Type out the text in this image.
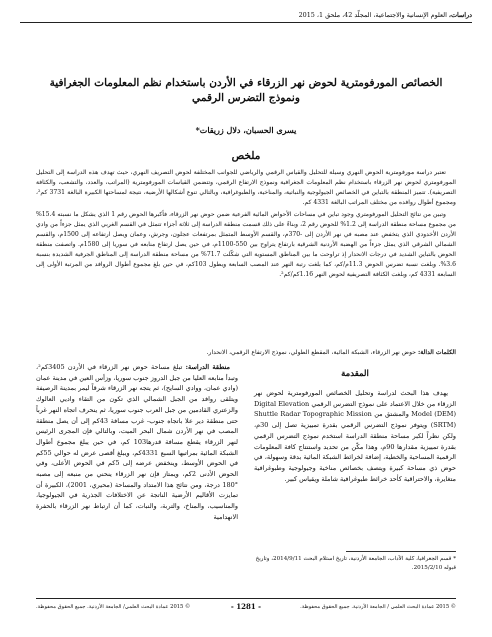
دراسات، العلوم الإنسانية والاجتماعية، المجلّد 42، ملحق 1، 2015
الخصائص المورفومترية لحوض نهر الزرقاء في الأردن باستخدام نظم المعلومات الجغرافية
ونموذج التضرس الرقمي
يسرى الحسبان، دلال زريقات*
ملخص

تعتبر دراسة مورفومترية الحوض النهري وسيلة للتحليل والقياس الرقمي والرياضي للجوانب المختلفة لحوض التصريف النهري، حيث تهدف هذه الدراسة إلى التحليل المورفومتري لحوض نهر الزرقاء باستخدام نظم المعلومات الجغرافية ونموذج الارتفاع الرقمي، وتتضمن القياسات المورفومترية (المراتب، والعدد، والتشعب، والكثافة التصريفية). تتميز المنطقة بالتباين في الخصائص الجيولوجية والنباتية، والمناخية، والطبوغرافية، وبالتالي تنوع أشكالها الأرضية، نتيجة لمساحتها الكبيرة البالغة 3731 كم²، ومجموع أطوال روافده من مختلف المراتب البالغة 4331 كم.

وتبين من نتائج التحليل المورفومتري وجود تباين في مساحات الأحواض المائية الفرعية ضمن حوض نهر الزرقاء، فأكبرها الحوض رقم 1 الذي يشكل ما نسبته 15.4% من مجموع مساحة منطقة الدراسة إلى 1.2% للحوض رقم 2، وبناءً على ذلك قسمت منطقة الدراسة إلى ثلاثة أجزاء تتمثل في القسم الغربي الذي يمثل جزءاً من وادي الأردن الأخدودي الذي يتخفض عند مصبه في نهر الأردن إلى -370م، والقسم الأوسط المتمثل بمرتفعات عجلون، وجرش، وعمان ويصل ارتفاعه إلى 1500م، والقسم الشمالي الشرقي الذي يمثل جزءاً من الهضبة الأردنية الشرقية بارتفاع يتراوح بين 550-1100م، في حين يصل ارتفاع منابعه في سوريا إلى 1580م. واتصفت منطقة الحوض بالتباين الشديد في درجات الانحدار إذ تراوحت ما بين المناطق المستوية التي شكّلت 71.7% من مساحة منطقة الدراسة إلى المناطق الجرفية الشديدة بنسبة 3.6%. وبلغت نسبة تضرس الحوض 11.3م/كم، كما بلغت رتبة النهر عند المصب السابعة ويطول 103كم، في حين بلغ مجموع أطوال الروافد من المرتبة الأولى إلى السابعة 4331 كم، وبلغت الكثافة التصريفية لحوض النهر 1.16كم/كم².

الكلمات الدالة: حوض نهر الزرقاء، الشبكة المائية، المقطع الطولي، نموذج الارتفاع الرقمي، الانحدار.
المقدمة

يهدف هذا البحث لدراسة وتحليل الخصائص المورفومترية لحوض نهر الزرقاء من خلال الاعتماد على نموذج التضرس الرقمي Digital Elevation Model (DEM) والمشتق من Shuttle Radar Topographic Mission (SRTM) ويتوفر نموذج التضرس الرقمي بقدرة تمييزية تصل إلى 30م، ولكن نظراً لكبر مساحة منطقة الدراسة استخدم نموذج التضرس الرقمي بقدرة تمييزية مقدارها 90م، وهذا مكّن من تحديد واستنتاج كافة المعلومات الرقمية المساحية والخطية، إضافة لخرائط الشبكة المائية بدقة وسهولة، في حوض ذي مساحة كبيرة ويتصف بخصائص مناخية وجيولوجية وطبوغرافية متغايرة، والاحتراقية كأحد خرائط طبوغرافية شاملة ويقياس كبير.

منطقة الدراسة: تبلغ مساحة حوض نهر الزرقاء في الأردن 3405كم²، وتبدأ منابعه العليا من جبل الدروز جنوب سوريا، وزأس العين في مدينة عمان (وادي عمان، ووادي السايح)، ثم يتجه نهر الزرقاء شرقاً ليمر بمدينة الرصيفة ويتلقى روافد من الجبل الشمالي الذي تكون من التقاء واديي العالوك والزعتري القادمين من جبل العرب جنوب سوريا، ثم ينحرف اتجاه النهر غرباً حتى منطقة دير علا باتجاه جنوب- غرب مسافة 43كم إلى أن يصل منطقة المصب في نهر الأردن شمال البحر الميت، وبالتالي فإن المجرى الرئيس لنهر الزرقاء يقطع مسافة قدرها103 كم، في حين يبلغ مجموع أطوال الشبكة المائية بمراتبها السبع 4331كم، ويبلغ أقصى عرض له حوالي 55كم في الحوض الأوسط، وينخفض عرضه إلى 5كم في الحوض الأعلى، وفي الحوض الأدنى 2كم، ويمتاز فإن نهر الزرقاء ينحني من منبعه إلى مصبه °180 درجة، ومن نتائج هذا الامتداد والمساحة (محيري، 2001)، الكبيرة أن تمايزت الأقاليم الأرضية الناتجة عن الاختلافات الجذرية في الجيولوجيا، والمناسيب، والمناخ، والتربة، والنبات، كما أن ارتباط نهر الزرقاء بالحفرة الانهدامية

* قسم الجغرافيا، كلية الآداب، الجامعة الأردنية، تاريخ استلام البحث 2014/9/11، وتاريخ قبوله 2015/2/10.
© 2015 عمادة البحث العلمي / الجامعة الأردنية. جميع الحقوق محفوظة.
- 1281 -
© 2015 عمادة البحث العلمي/ الجامعة الأردنية. جميع الحقوق محفوظة.
